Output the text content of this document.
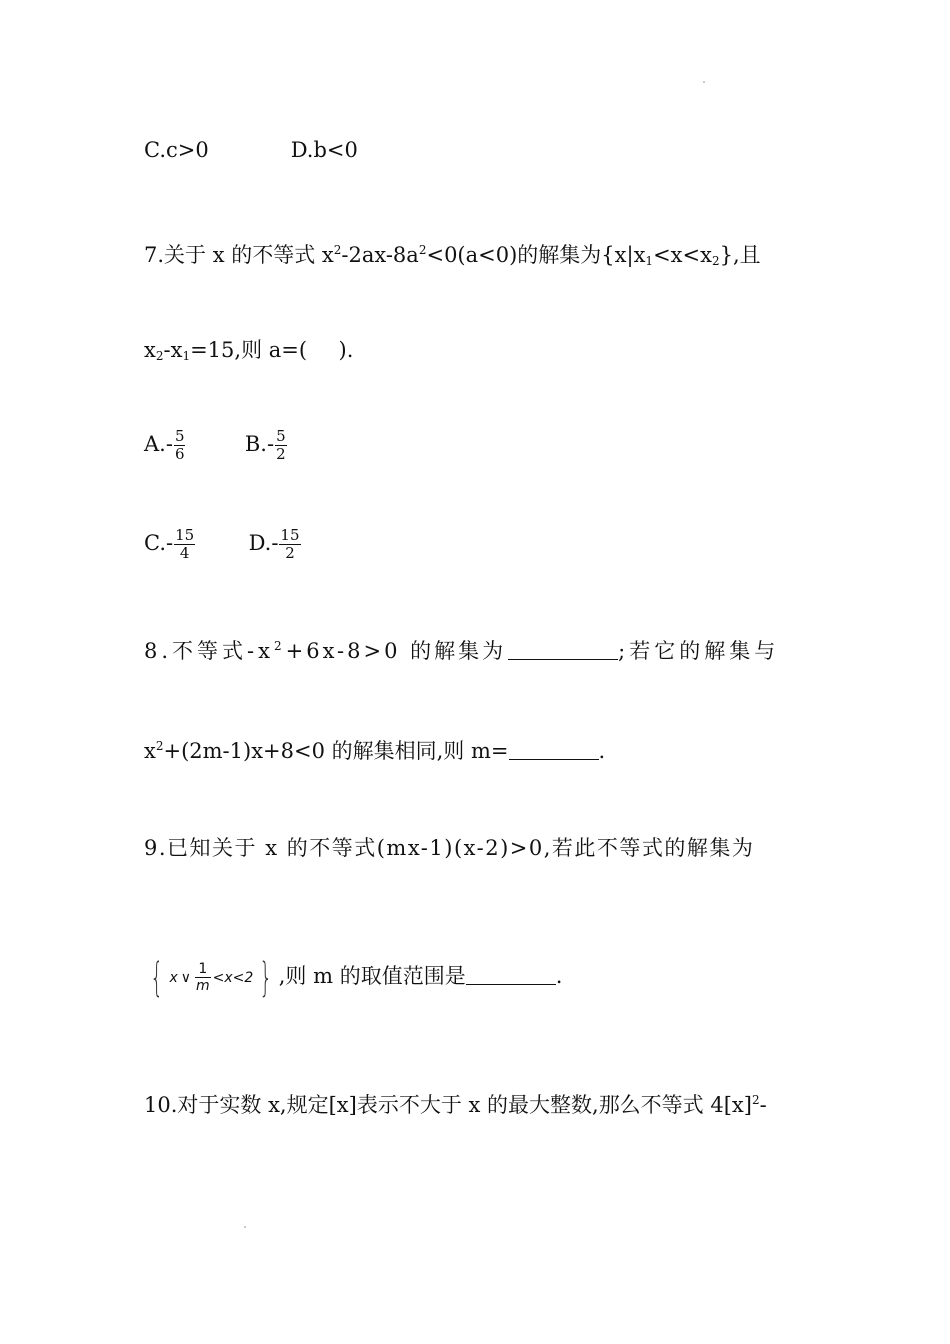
C.c>0	D.b<0
7.关于 x 的不等式 $x^2-2ax-8a^2<0(a<0)$的解集为$\{x|x_1<x<x_2\}$,且
$x_2-x_1=15$,则 a=(  ).
$A.- \frac{5}{6}$	$B.- \frac{5}{2}$
$C.- \frac{15}{4}$	$D.- \frac{15}{2}$
8.不等式$-x^2+6x-8>0$ 的解集为	;若它的解集与
$x^2+(2m-1)x+8<0$ 的解集相同,则 m=	.
9.已知关于 x 的不等式(mx-1)(x-2)>0,若此不等式的解集为
{ x ∨ $\frac{1}{m} <x<2$ } ,则 m 的取值范围是	.
10.对于实数 x,规定[x]表示不大于 x 的最大整数,那么不等式 $4[x]^2-$
